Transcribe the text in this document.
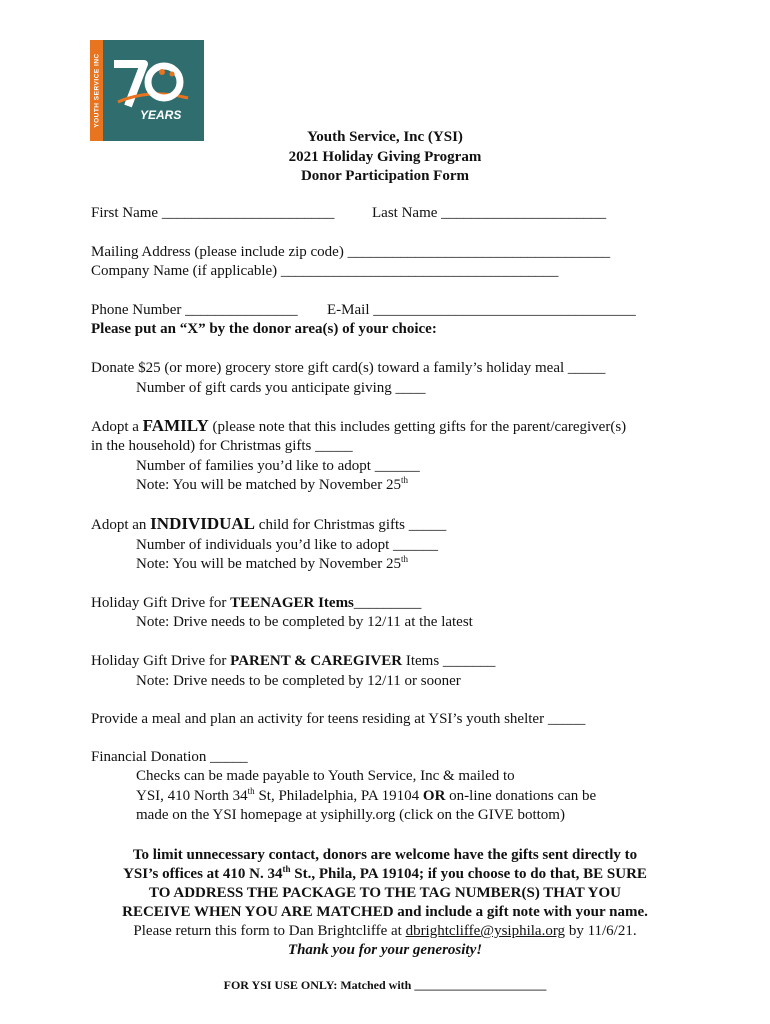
YOUTH SERVICE INC	YEARS
Youth Service, Inc (YSI)
2021 Holiday Giving Program
Donor Participation Form
First Name _______________________	Last Name ______________________
Mailing Address (please include zip code) ___________________________________
Company Name (if applicable) _____________________________________
Phone Number _______________ E-Mail ___________________________________
Please put an “X” by the donor area(s) of your choice:
Donate $25 (or more) grocery store gift card(s) toward a family’s holiday meal _____
Number of gift cards you anticipate giving ____
Adopt a FAMILY (please note that this includes getting gifts for the parent/caregiver(s)
in the household) for Christmas gifts _____
Number of families you’d like to adopt ______
Note: You will be matched by November 25th
Adopt an INDIVIDUAL child for Christmas gifts _____
Number of individuals you’d like to adopt ______
Note: You will be matched by November 25th
Holiday Gift Drive for TEENAGER Items_________
Note: Drive needs to be completed by 12/11 at the latest
Holiday Gift Drive for PARENT & CAREGIVER Items _______
Note: Drive needs to be completed by 12/11 or sooner
Provide a meal and plan an activity for teens residing at YSI’s youth shelter _____
Financial Donation _____
Checks can be made payable to Youth Service, Inc & mailed to
YSI, 410 North 34th St, Philadelphia, PA 19104 OR on-line donations can be
made on the YSI homepage at ysiphilly.org (click on the GIVE bottom)
To limit unnecessary contact, donors are welcome have the gifts sent directly to
YSI’s offices at 410 N. 34th St., Phila, PA 19104; if you choose to do that, BE SURE
TO ADDRESS THE PACKAGE TO THE TAG NUMBER(S) THAT YOU
RECEIVE WHEN YOU ARE MATCHED and include a gift note with your name.
Please return this form to Dan Brightcliffe at dbrightcliffe@ysiphila.org by 11/6/21.
Thank you for your generosity!
FOR YSI USE ONLY: Matched with ______________________
